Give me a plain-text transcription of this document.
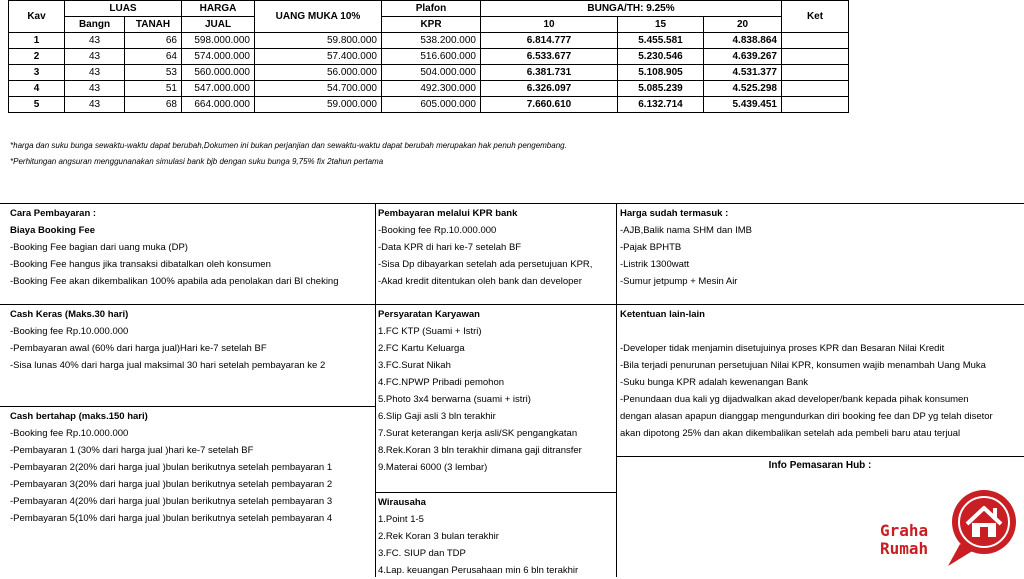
Kav	LUAS		HARGA	UANG MUKA 10%	Plafon	BUNGA/TH: 9.25%			Ket
	Bangn	TANAH	JUAL		KPR	10	15	20	
1	43	66	598.000.000	59.800.000	538.200.000	6.814.777	5.455.581	4.838.864	
2	43	64	574.000.000	57.400.000	516.600.000	6.533.677	5.230.546	4.639.267	
3	43	53	560.000.000	56.000.000	504.000.000	6.381.731	5.108.905	4.531.377	
4	43	51	547.000.000	54.700.000	492.300.000	6.326.097	5.085.239	4.525.298	
5	43	68	664.000.000	59.000.000	605.000.000	7.660.610	6.132.714	5.439.451	
*harga dan suku bunga sewaktu-waktu dapat berubah,Dokumen ini bukan perjanjian dan sewaktu-waktu dapat berubah merupakan hak penuh pengembang.
*Perhitungan angsuran menggunanakan simulasi bank bjb dengan suku bunga 9,75% fix 2tahun pertama
Cara Pembayaran :
Biaya Booking Fee
-Booking Fee bagian dari uang muka (DP)
-Booking Fee hangus jika transaksi dibatalkan oleh konsumen
-Booking Fee akan dikembalikan 100% apabila ada penolakan dari BI cheking
Pembayaran melalui KPR bank
-Booking fee Rp.10.000.000
-Data KPR di hari ke-7 setelah BF
-Sisa Dp dibayarkan setelah ada persetujuan KPR,
-Akad kredit ditentukan oleh bank dan developer
Harga sudah termasuk :
-AJB,Balik nama SHM dan IMB
-Pajak BPHTB
-Listrik 1300watt
-Sumur jetpump + Mesin Air
Cash Keras (Maks.30 hari)
-Booking fee Rp.10.000.000
-Pembayaran awal (60% dari harga jual)Hari ke-7 setelah BF
-Sisa lunas 40% dari harga jual maksimal 30 hari setelah pembayaran ke 2
Persyaratan Karyawan
1.FC KTP (Suami + Istri)
2.FC Kartu Keluarga
3.FC.Surat Nikah
4.FC.NPWP Pribadi pemohon
5.Photo 3x4 berwarna (suami + istri)
6.Slip Gaji asli 3 bln terakhir
7.Surat keterangan kerja asli/SK pengangkatan
8.Rek.Koran 3 bln terakhir dimana gaji ditransfer
9.Materai 6000 (3 lembar)
Ketentuan lain-lain
-Developer tidak menjamin disetujuinya proses KPR dan Besaran Nilai Kredit
-Bila terjadi penurunan persetujuan Nilai KPR, konsumen wajib menambah Uang Muka
-Suku bunga KPR adalah kewenangan Bank
-Penundaan dua kali yg dijadwalkan akad developer/bank kepada pihak konsumen
dengan alasan apapun dianggap mengundurkan diri booking fee dan DP yg telah disetor
akan dipotong 25% dan akan dikembalikan setelah ada pembeli baru atau terjual
Cash bertahap (maks.150 hari)
-Booking fee Rp.10.000.000
-Pembayaran 1 (30% dari harga jual )hari ke-7 setelah BF
-Pembayaran 2(20% dari harga jual )bulan berikutnya setelah pembayaran 1
-Pembayaran 3(20% dari harga jual )bulan berikutnya setelah pembayaran 2
-Pembayaran 4(20% dari harga jual )bulan berikutnya setelah pembayaran 3
-Pembayaran 5(10% dari harga jual )bulan berikutnya setelah pembayaran 4
Wirausaha
1.Point 1-5
2.Rek Koran 3 bulan terakhir
3.FC. SIUP dan TDP
4.Lap. keuangan Perusahaan min 6 bln terakhir
Info Pemasaran Hub :
Graha
Rumah
